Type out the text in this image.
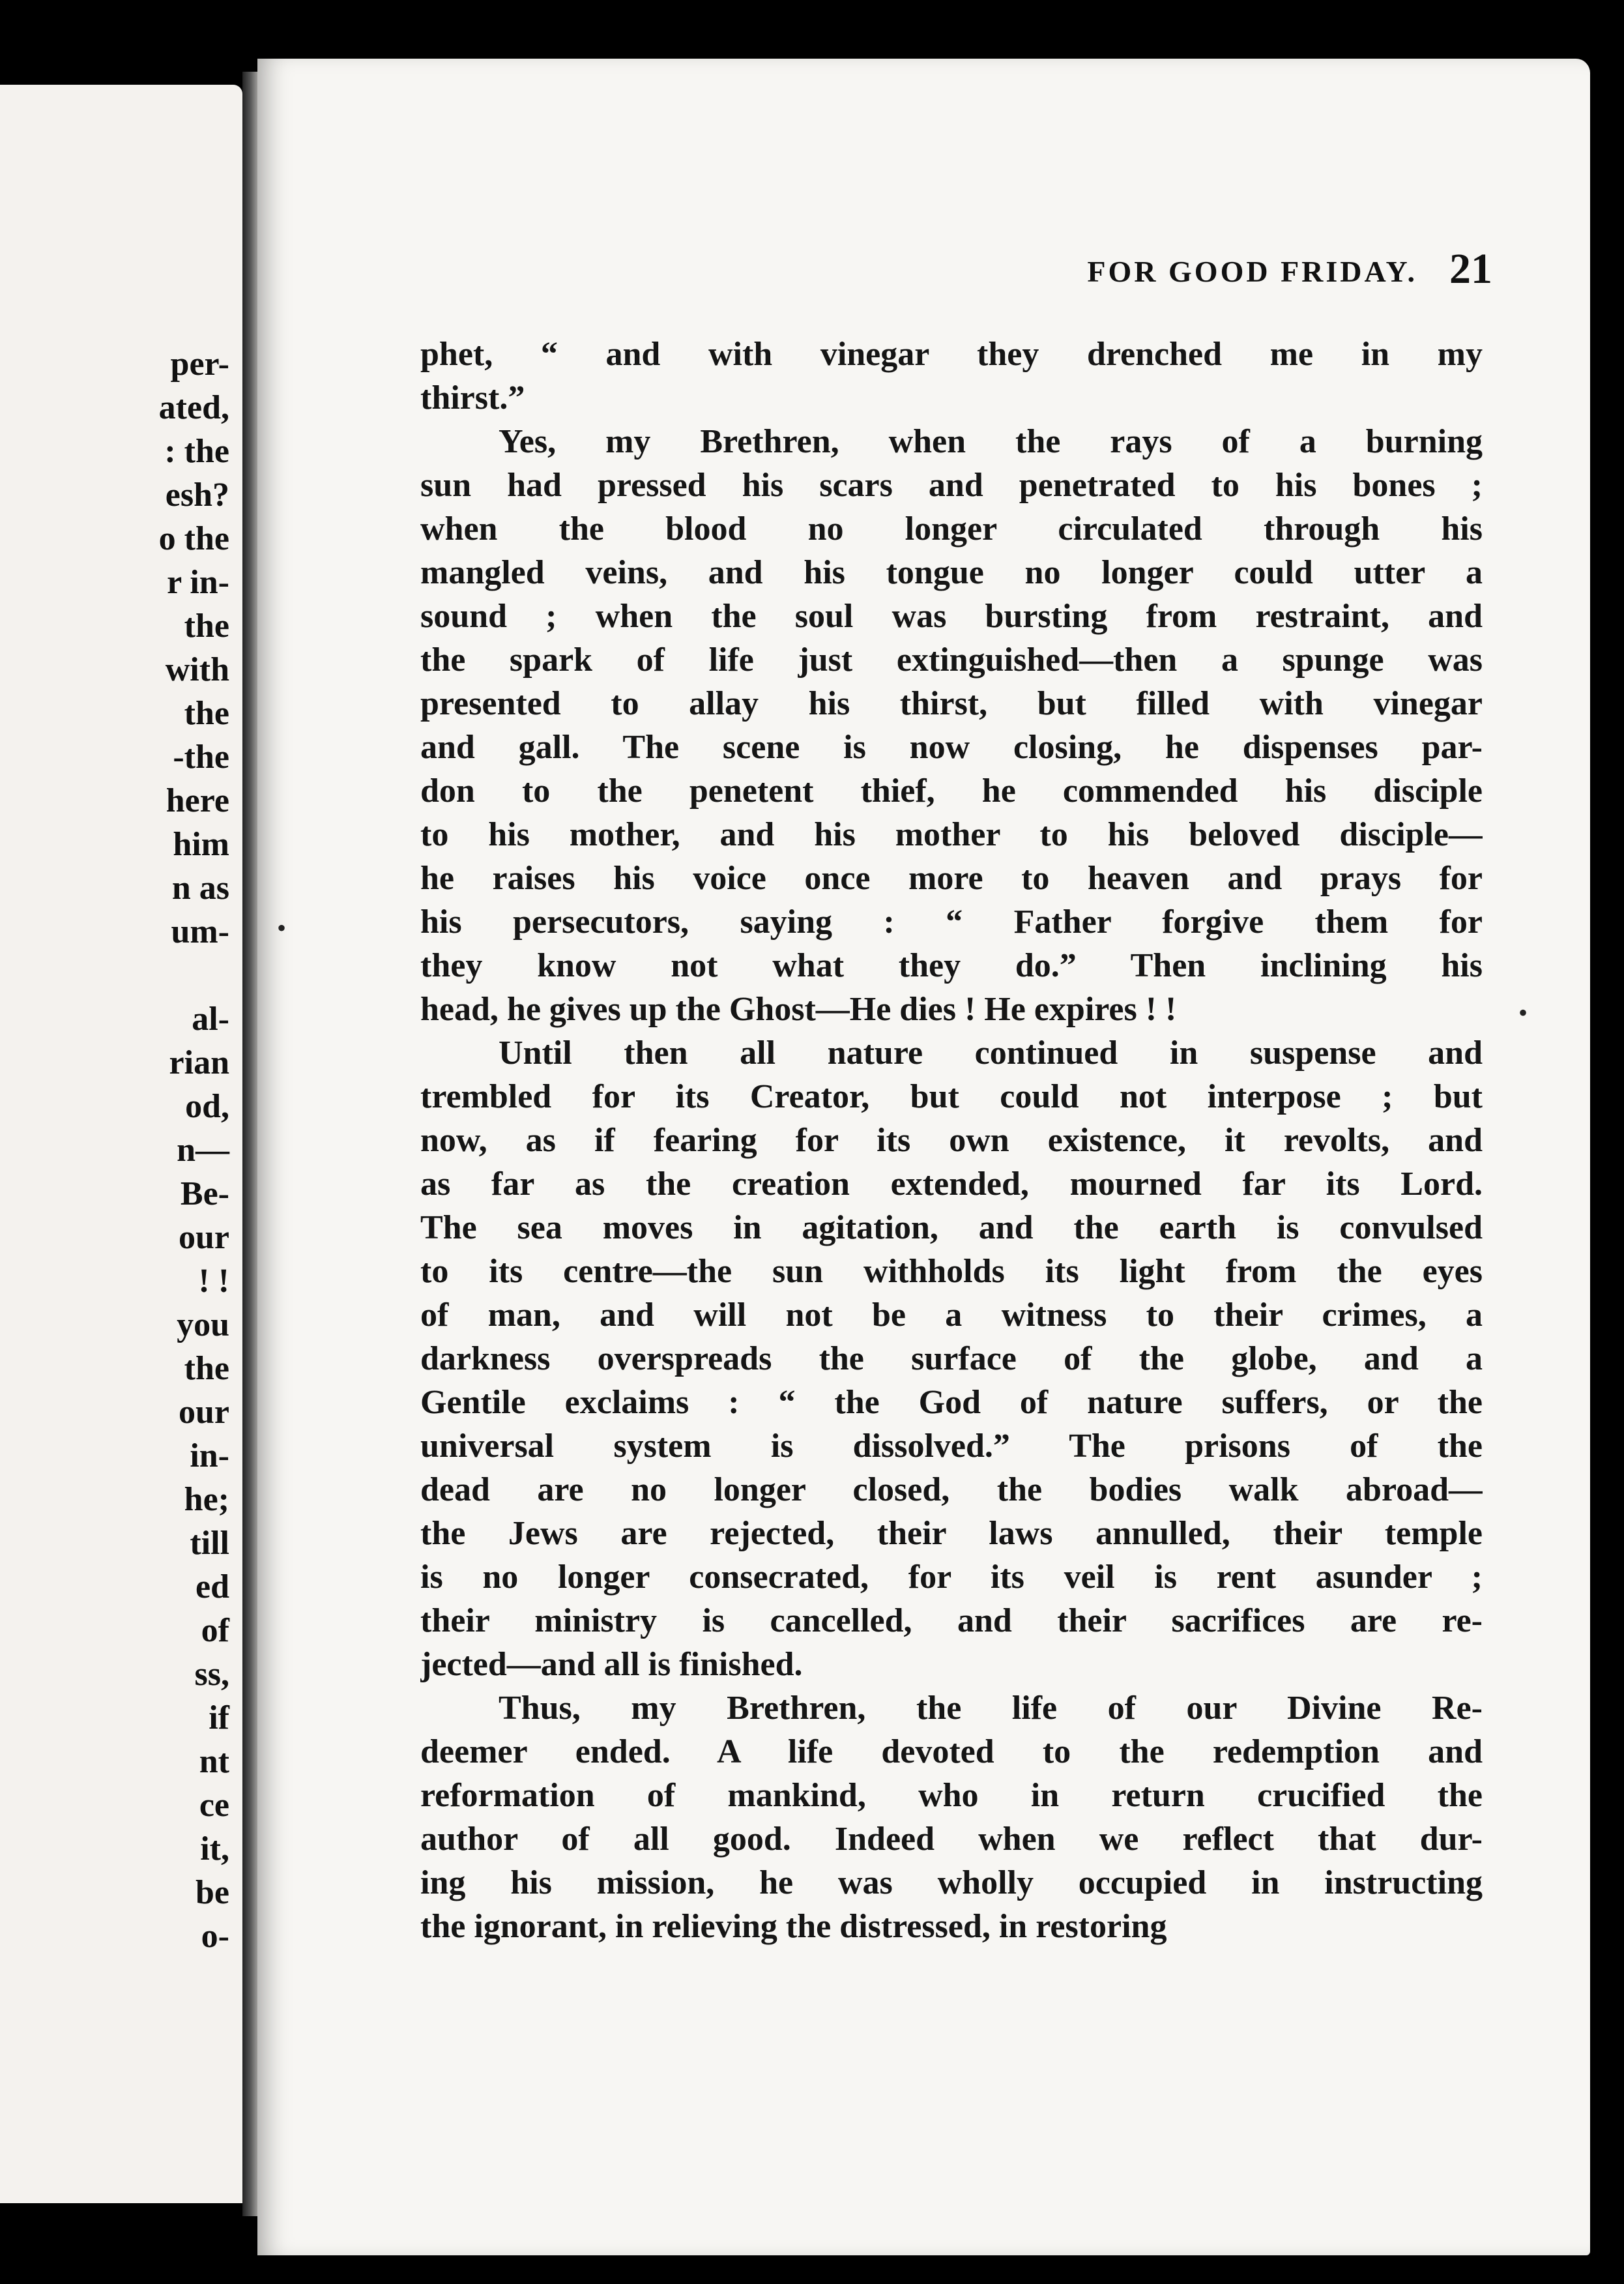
per-
ated,
: the
esh?
o the
r in-
the
with
the
-the
here
him
n as
um-
al-
rian
od,
n—
Be-
our
! !
you
the
our
in-
he;
till
ed
of
ss,
if
nt
ce
it,
be
o-
FOR GOOD FRIDAY. 21
phet, “ and with vinegar they drenched me in my
thirst.”
Yes, my Brethren, when the rays of a burning
sun had pressed his scars and penetrated to his bones ;
when the blood no longer circulated through his
mangled veins, and his tongue no longer could utter a
sound ; when the soul was bursting from restraint, and
the spark of life just extinguished—then a spunge was
presented to allay his thirst, but filled with vinegar
and gall. The scene is now closing, he dispenses par-
don to the penetent thief, he commended his disciple
to his mother, and his mother to his beloved disciple—
he raises his voice once more to heaven and prays for
his persecutors, saying : “ Father forgive them for
they know not what they do.” Then inclining his
head, he gives up the Ghost—He dies ! He expires ! !
Until then all nature continued in suspense and
trembled for its Creator, but could not interpose ; but
now, as if fearing for its own existence, it revolts, and
as far as the creation extended, mourned far its Lord.
The sea moves in agitation, and the earth is convulsed
to its centre—the sun withholds its light from the eyes
of man, and will not be a witness to their crimes, a
darkness overspreads the surface of the globe, and a
Gentile exclaims : “ the God of nature suffers, or the
universal system is dissolved.” The prisons of the
dead are no longer closed, the bodies walk abroad—
the Jews are rejected, their laws annulled, their temple
is no longer consecrated, for its veil is rent asunder ;
their ministry is cancelled, and their sacrifices are re-
jected—and all is finished.
Thus, my Brethren, the life of our Divine Re-
deemer ended. A life devoted to the redemption and
reformation of mankind, who in return crucified the
author of all good. Indeed when we reflect that dur-
ing his mission, he was wholly occupied in instructing
the ignorant, in relieving the distressed, in restoring
•
•
